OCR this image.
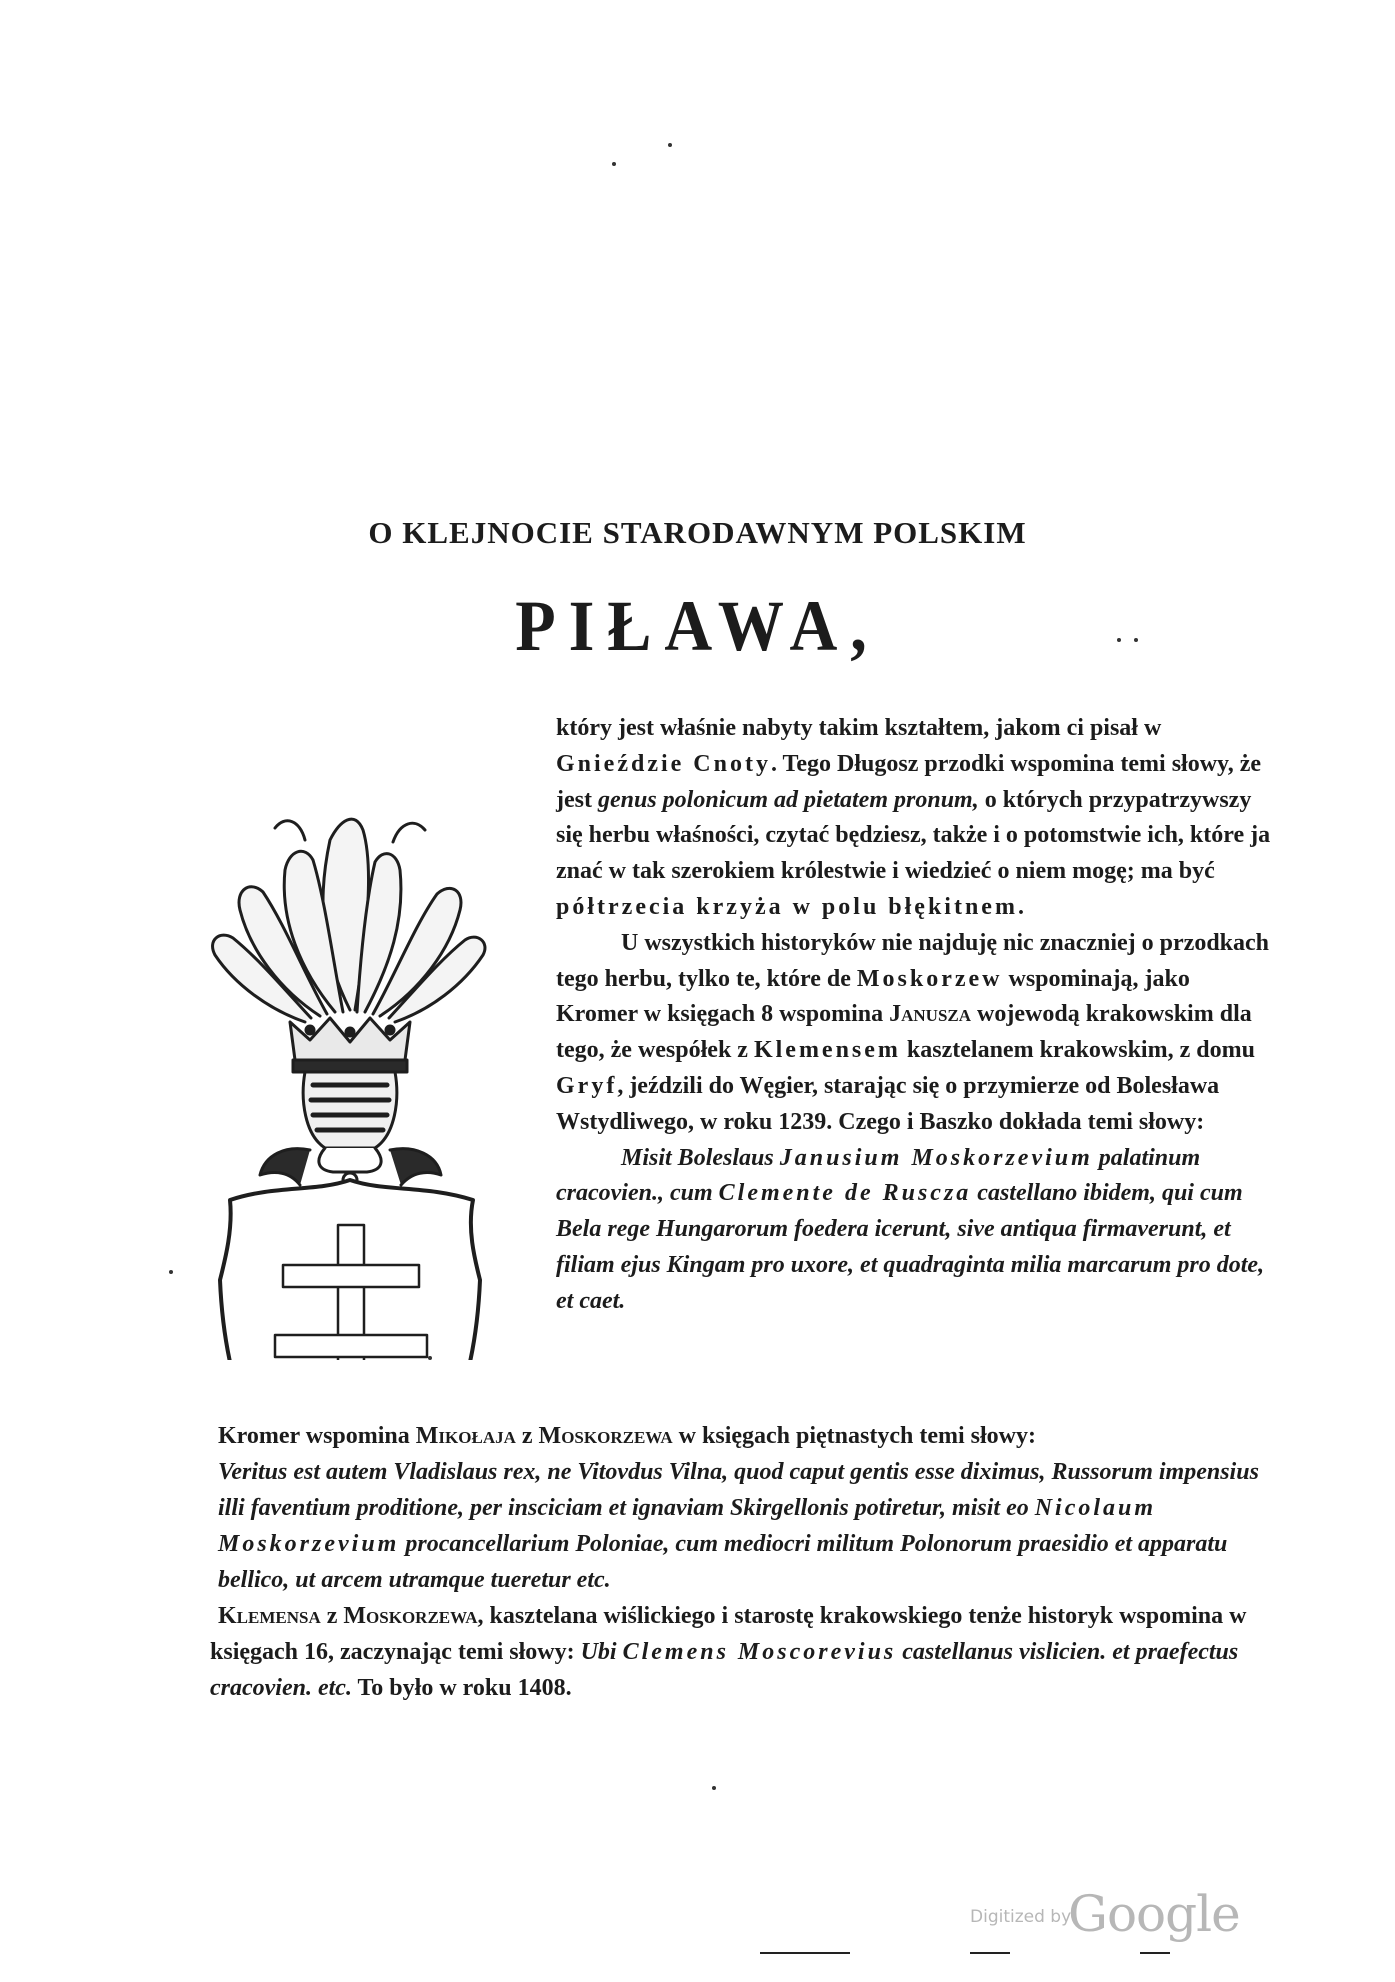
O KLEJNOCIE STARODAWNYM POLSKIM
PIŁAWA,

który jest właśnie nabyty takim kształtem, jakom ci pisał w Gnieździe Cnoty. Tego Długosz przodki wspomina temi słowy, że jest genus polonicum ad pietatem pronum, o których przypatrzywszy się herbu właśności, czytać będziesz, także i o potomstwie ich, które ja znać w tak szerokiem królestwie i wiedzieć o niem mogę; ma być półtrzecia krzyża w polu błękitnem.

U wszystkich historyków nie najduję nic znaczniej o przodkach tego herbu, tylko te, które de Moskorzew wspominają, jako Kromer w księgach 8 wspomina Janusza wojewodą krakowskim dla tego, że wespółek z Klemensem kasztelanem krakowskim, z domu Gryf, jeździli do Węgier, starając się o przymierze od Bolesława Wstydliwego, w roku 1239. Czego i Baszko dokłada temi słowy:

Misit Boleslaus Janusium Moskorzevium palatinum cracovien., cum Clemente de Ruscza castellano ibidem, qui cum Bela rege Hungarorum foedera icerunt, sive antiqua firmaverunt, et filiam ejus Kingam pro uxore, et quadraginta milia marcarum pro dote, et caet.

Kromer wspomina Mikołaja z Moskorzewa w księgach piętnastych temi słowy:

Veritus est autem Vladislaus rex, ne Vitovdus Vilna, quod caput gentis esse diximus, Russorum impensius illi faventium proditione, per insciciam et ignaviam Skirgellonis potiretur, misit eo Nicolaum Moskorzevium procancellarium Poloniae, cum mediocri militum Polonorum praesidio et apparatu bellico, ut arcem utramque tueretur etc.

Klemensa z Moskorzewa, kasztelana wiślickiego i starostę krakowskiego tenże historyk wspomina w księgach 16, zaczynając temi słowy: Ubi Clemens Moscorevius castellanus vislicien. et praefectus cracovien. etc. To było w roku 1408.

Digitized by
Google
